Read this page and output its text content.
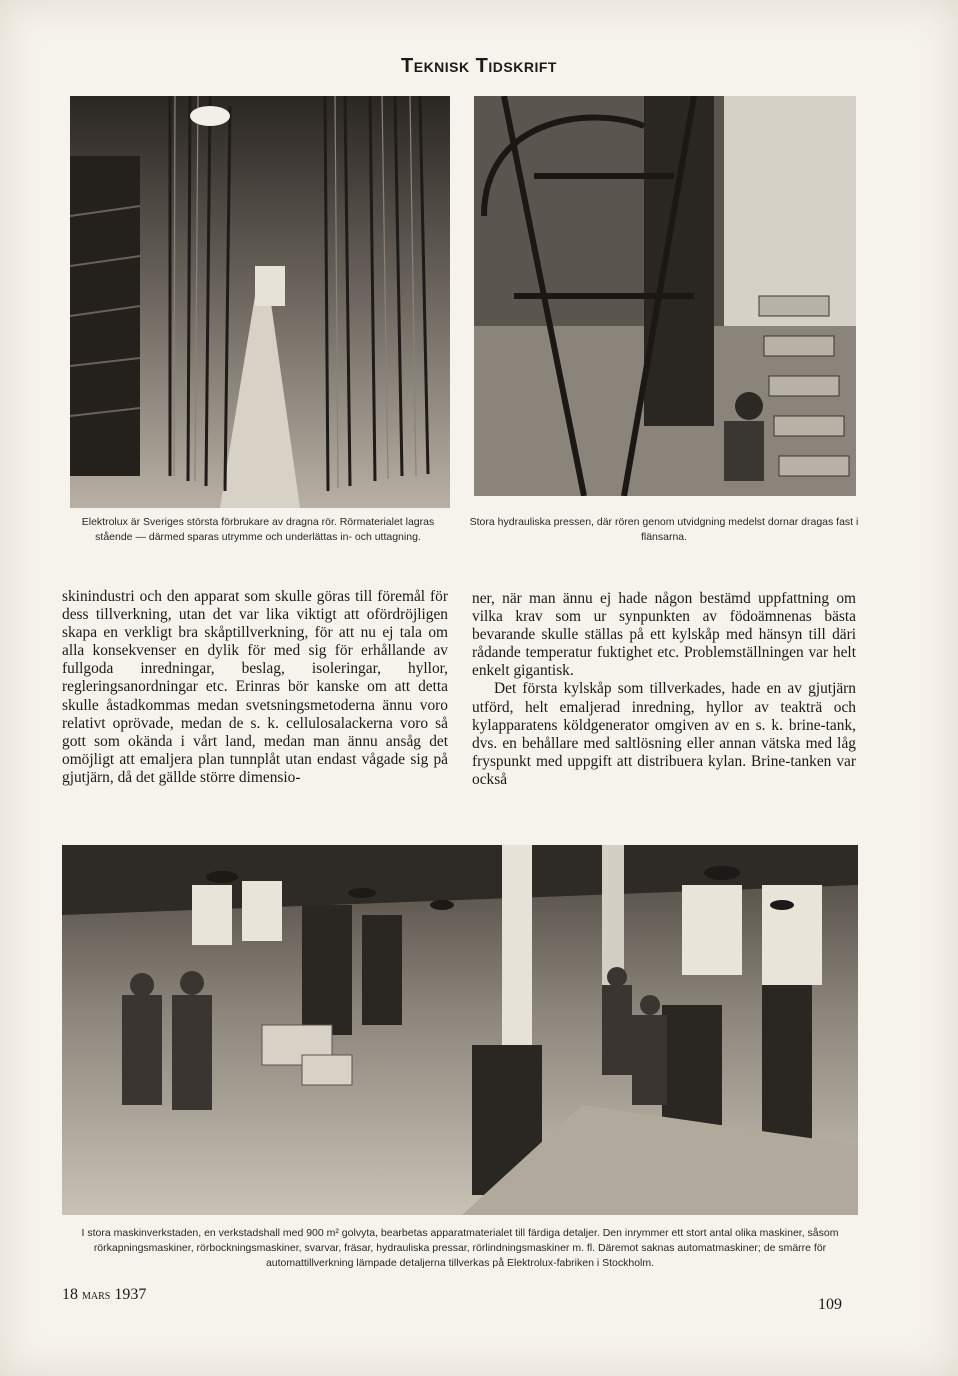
Teknisk Tidskrift
Elektrolux är Sveriges största förbrukare av dragna rör. Rörmaterialet lagras stående — därmed sparas utrymme och underlättas in- och uttagning.
Stora hydrauliska pressen, där rören genom utvidgning medelst dornar dragas fast i flänsarna.

skinindustri och den apparat som skulle göras till föremål för dess tillverkning, utan det var lika viktigt att ofördröjligen skapa en verkligt bra skåptillverkning, för att nu ej tala om alla konsekvenser en dylik för med sig för erhållande av fullgoda inredningar, beslag, isoleringar, hyllor, regleringsanordningar etc. Erinras bör kanske om att detta skulle åstadkommas medan svetsningsmetoderna ännu voro relativt oprövade, medan de s. k. cellulosalackerna voro så gott som okända i vårt land, medan man ännu ansåg det omöjligt att emaljera plan tunnplåt utan endast vågade sig på gjutjärn, då det gällde större dimensio-

ner, när man ännu ej hade någon bestämd uppfattning om vilka krav som ur synpunkten av födoämnenas bästa bevarande skulle ställas på ett kylskåp med hänsyn till däri rådande temperatur fuktighet etc. Problemställningen var helt enkelt gigantisk.

Det första kylskåp som tillverkades, hade en av gjutjärn utförd, helt emaljerad inredning, hyllor av teakträ och kylapparatens köldgenerator omgiven av en s. k. brine-tank, dvs. en behållare med saltlösning eller annan vätska med låg fryspunkt med uppgift att distribuera kylan. Brine-tanken var också

I stora maskinverkstaden, en verkstadshall med 900 m² golvyta, bearbetas apparatmaterialet till färdiga detaljer. Den inrymmer ett stort antal olika maskiner, såsom rörkapningsmaskiner, rörbockningsmaskiner, svarvar, fräsar, hydrauliska pressar, rörlindningsmaskiner m. fl. Däremot saknas automatmaskiner; de smärre för automattillverkning lämpade detaljerna tillverkas på Elektrolux-fabriken i Stockholm.
18 mars 1937
109
